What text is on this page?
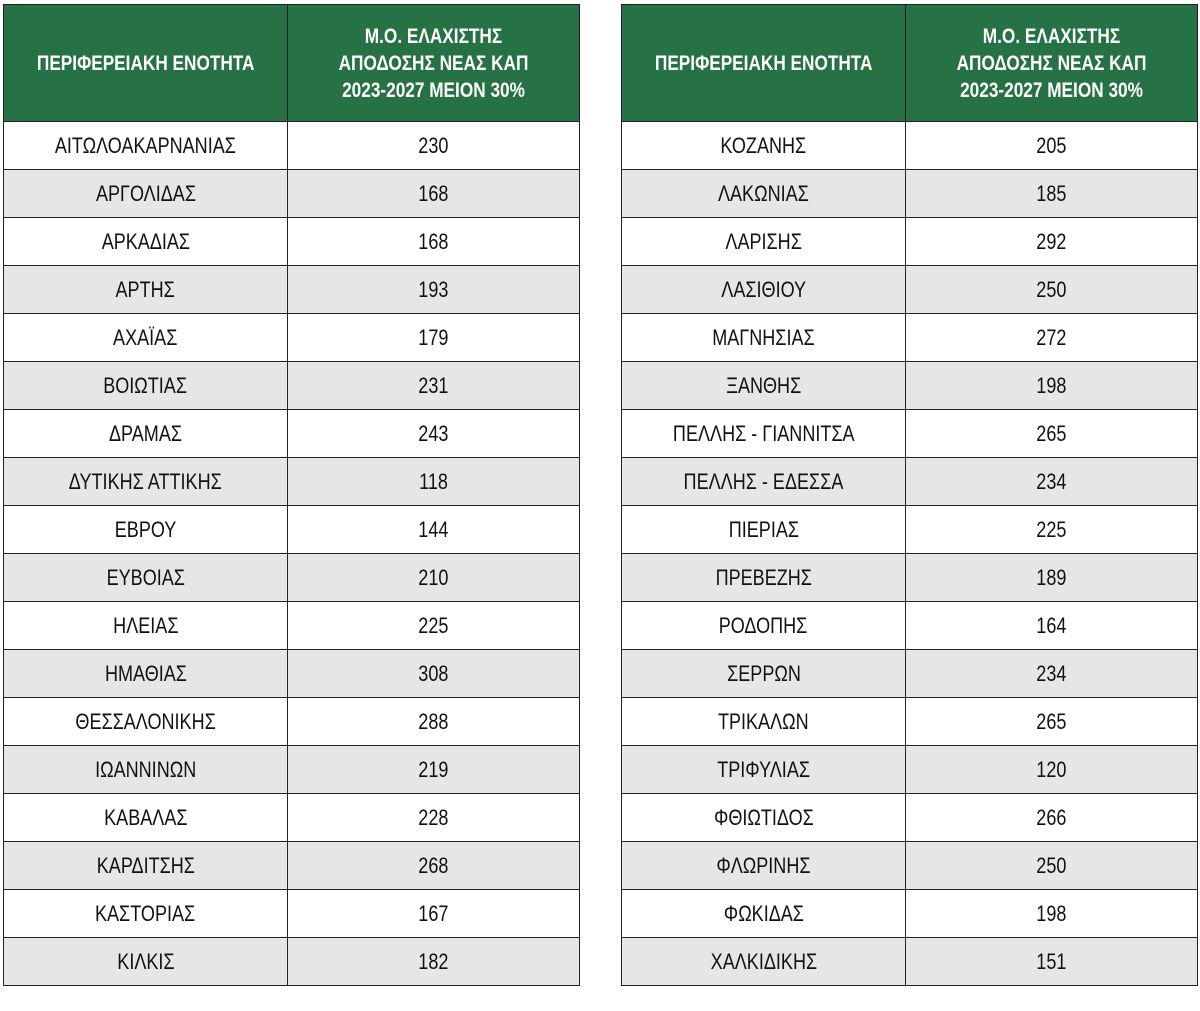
ΠΕΡΙΦΕΡΕΙΑΚΗ ΕΝΟΤΗΤΑ	Μ.Ο. ΕΛΑΧΙΣΤΗΣ ΑΠΟΔΟΣΗΣ ΝΕΑΣ ΚΑΠ 2023-2027 ΜΕΙΟΝ 30%
ΑΙΤΩΛΟΑΚΑΡΝΑΝΙΑΣ	230
ΑΡΓΟΛΙΔΑΣ	168
ΑΡΚΑΔΙΑΣ	168
ΑΡΤΗΣ	193
ΑΧΑΪΑΣ	179
ΒΟΙΩΤΙΑΣ	231
ΔΡΑΜΑΣ	243
ΔΥΤΙΚΗΣ ΑΤΤΙΚΗΣ	118
ΕΒΡΟΥ	144
ΕΥΒΟΙΑΣ	210
ΗΛΕΙΑΣ	225
ΗΜΑΘΙΑΣ	308
ΘΕΣΣΑΛΟΝΙΚΗΣ	288
ΙΩΑΝΝΙΝΩΝ	219
ΚΑΒΑΛΑΣ	228
ΚΑΡΔΙΤΣΗΣ	268
ΚΑΣΤΟΡΙΑΣ	167
ΚΙΛΚΙΣ	182
ΠΕΡΙΦΕΡΕΙΑΚΗ ΕΝΟΤΗΤΑ	Μ.Ο. ΕΛΑΧΙΣΤΗΣ ΑΠΟΔΟΣΗΣ ΝΕΑΣ ΚΑΠ 2023-2027 ΜΕΙΟΝ 30%
ΚΟΖΑΝΗΣ	205
ΛΑΚΩΝΙΑΣ	185
ΛΑΡΙΣΗΣ	292
ΛΑΣΙΘΙΟΥ	250
ΜΑΓΝΗΣΙΑΣ	272
ΞΑΝΘΗΣ	198
ΠΕΛΛΗΣ - ΓΙΑΝΝΙΤΣΑ	265
ΠΕΛΛΗΣ - ΕΔΕΣΣΑ	234
ΠΙΕΡΙΑΣ	225
ΠΡΕΒΕΖΗΣ	189
ΡΟΔΟΠΗΣ	164
ΣΕΡΡΩΝ	234
ΤΡΙΚΑΛΩΝ	265
ΤΡΙΦΥΛΙΑΣ	120
ΦΘΙΩΤΙΔΟΣ	266
ΦΛΩΡΙΝΗΣ	250
ΦΩΚΙΔΑΣ	198
ΧΑΛΚΙΔΙΚΗΣ	151
